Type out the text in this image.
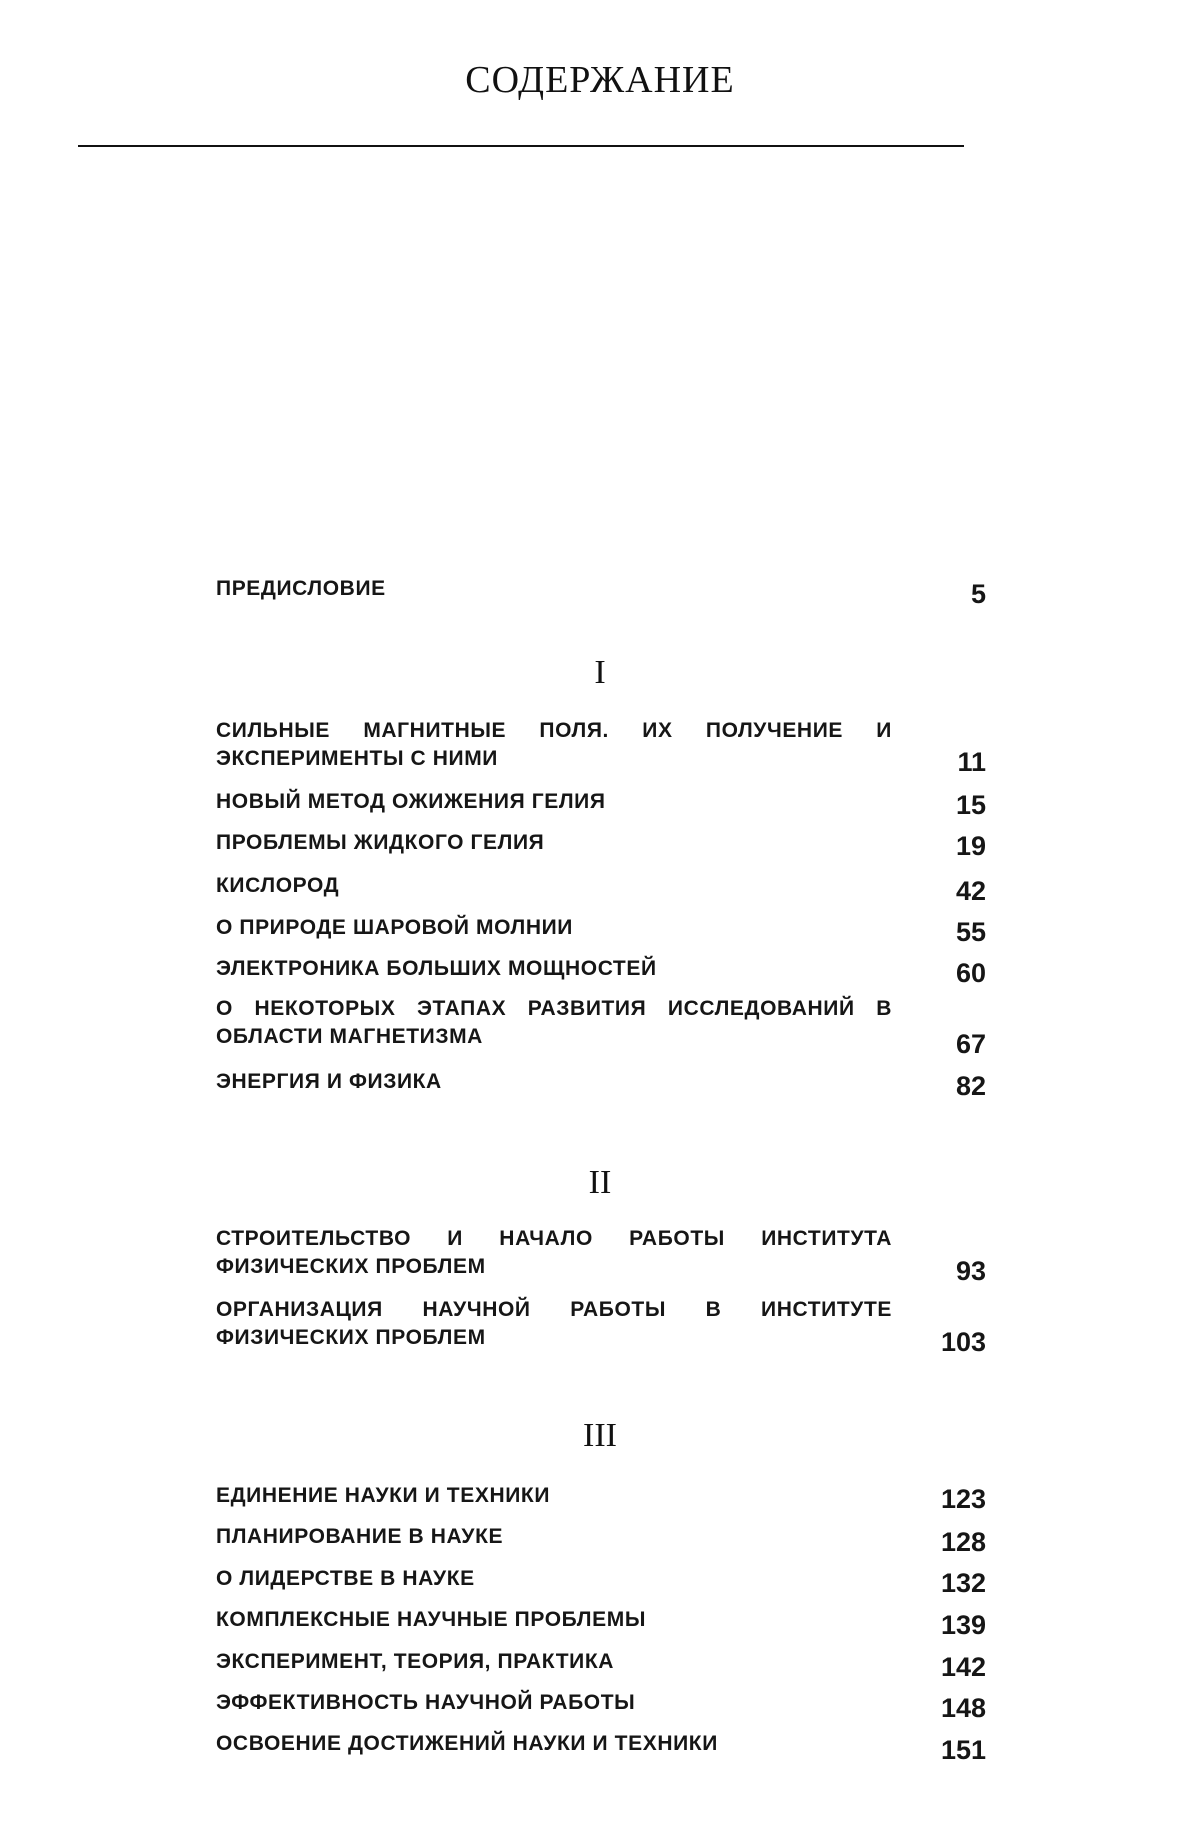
СОДЕРЖАНИЕ
ПРЕДИСЛОВИЕ	5
I
СИЛЬНЫЕ МАГНИТНЫЕ ПОЛЯ. ИХ ПОЛУЧЕНИЕ И ЭКСПЕРИМЕНТЫ С НИМИ	11
НОВЫЙ МЕТОД ОЖИЖЕНИЯ ГЕЛИЯ	15
ПРОБЛЕМЫ ЖИДКОГО ГЕЛИЯ	19
КИСЛОРОД	42
О ПРИРОДЕ ШАРОВОЙ МОЛНИИ	55
ЭЛЕКТРОНИКА БОЛЬШИХ МОЩНОСТЕЙ	60
О НЕКОТОРЫХ ЭТАПАХ РАЗВИТИЯ ИССЛЕДОВАНИЙ В ОБЛАСТИ МАГНЕТИЗМА	67
ЭНЕРГИЯ И ФИЗИКА	82
II
СТРОИТЕЛЬСТВО И НАЧАЛО РАБОТЫ ИНСТИТУТА ФИЗИЧЕСКИХ ПРОБЛЕМ	93
ОРГАНИЗАЦИЯ НАУЧНОЙ РАБОТЫ В ИНСТИТУТЕ ФИЗИЧЕСКИХ ПРОБЛЕМ	103
III
ЕДИНЕНИЕ НАУКИ И ТЕХНИКИ	123
ПЛАНИРОВАНИЕ В НАУКЕ	128
О ЛИДЕРСТВЕ В НАУКЕ	132
КОМПЛЕКСНЫЕ НАУЧНЫЕ ПРОБЛЕМЫ	139
ЭКСПЕРИМЕНТ, ТЕОРИЯ, ПРАКТИКА	142
ЭФФЕКТИВНОСТЬ НАУЧНОЙ РАБОТЫ	148
ОСВОЕНИЕ ДОСТИЖЕНИЙ НАУКИ И ТЕХНИКИ	151
